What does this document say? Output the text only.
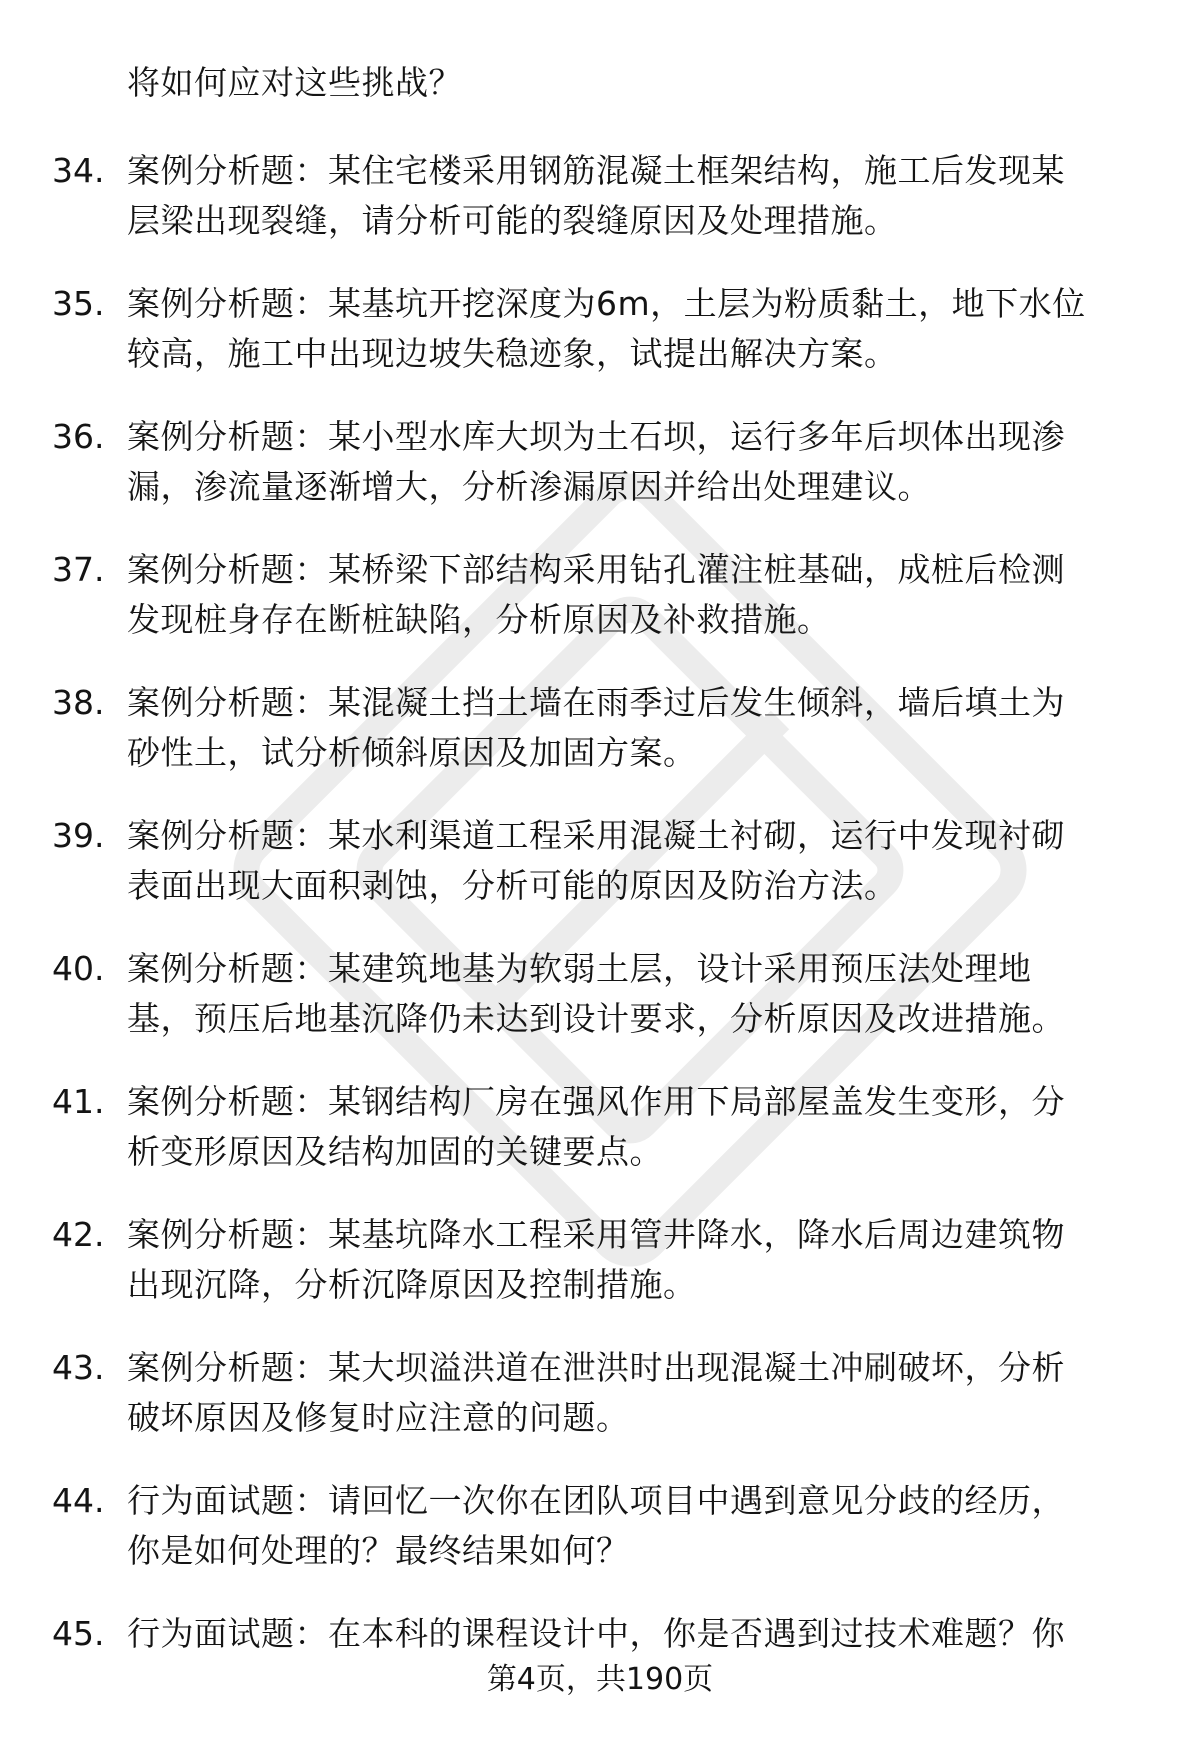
将如何应对这些挑战？
34. 案例分析题：某住宅楼采用钢筋混凝土框架结构，施工后发现某
层梁出现裂缝，请分析可能的裂缝原因及处理措施。
35. 案例分析题：某基坑开挖深度为6m，土层为粉质黏土，地下水位
较高，施工中出现边坡失稳迹象，试提出解决方案。
36. 案例分析题：某小型水库大坝为土石坝，运行多年后坝体出现渗
漏，渗流量逐渐增大，分析渗漏原因并给出处理建议。
37. 案例分析题：某桥梁下部结构采用钻孔灌注桩基础，成桩后检测
发现桩身存在断桩缺陷，分析原因及补救措施。
38. 案例分析题：某混凝土挡土墙在雨季过后发生倾斜，墙后填土为
砂性土，试分析倾斜原因及加固方案。
39. 案例分析题：某水利渠道工程采用混凝土衬砌，运行中发现衬砌
表面出现大面积剥蚀，分析可能的原因及防治方法。
40. 案例分析题：某建筑地基为软弱土层，设计采用预压法处理地
基，预压后地基沉降仍未达到设计要求，分析原因及改进措施。
41. 案例分析题：某钢结构厂房在强风作用下局部屋盖发生变形，分
析变形原因及结构加固的关键要点。
42. 案例分析题：某基坑降水工程采用管井降水，降水后周边建筑物
出现沉降，分析沉降原因及控制措施。
43. 案例分析题：某大坝溢洪道在泄洪时出现混凝土冲刷破坏，分析
破坏原因及修复时应注意的问题。
44. 行为面试题：请回忆一次你在团队项目中遇到意见分歧的经历，
你是如何处理的？最终结果如何？
45. 行为面试题：在本科的课程设计中，你是否遇到过技术难题？你
第4页，共190页
